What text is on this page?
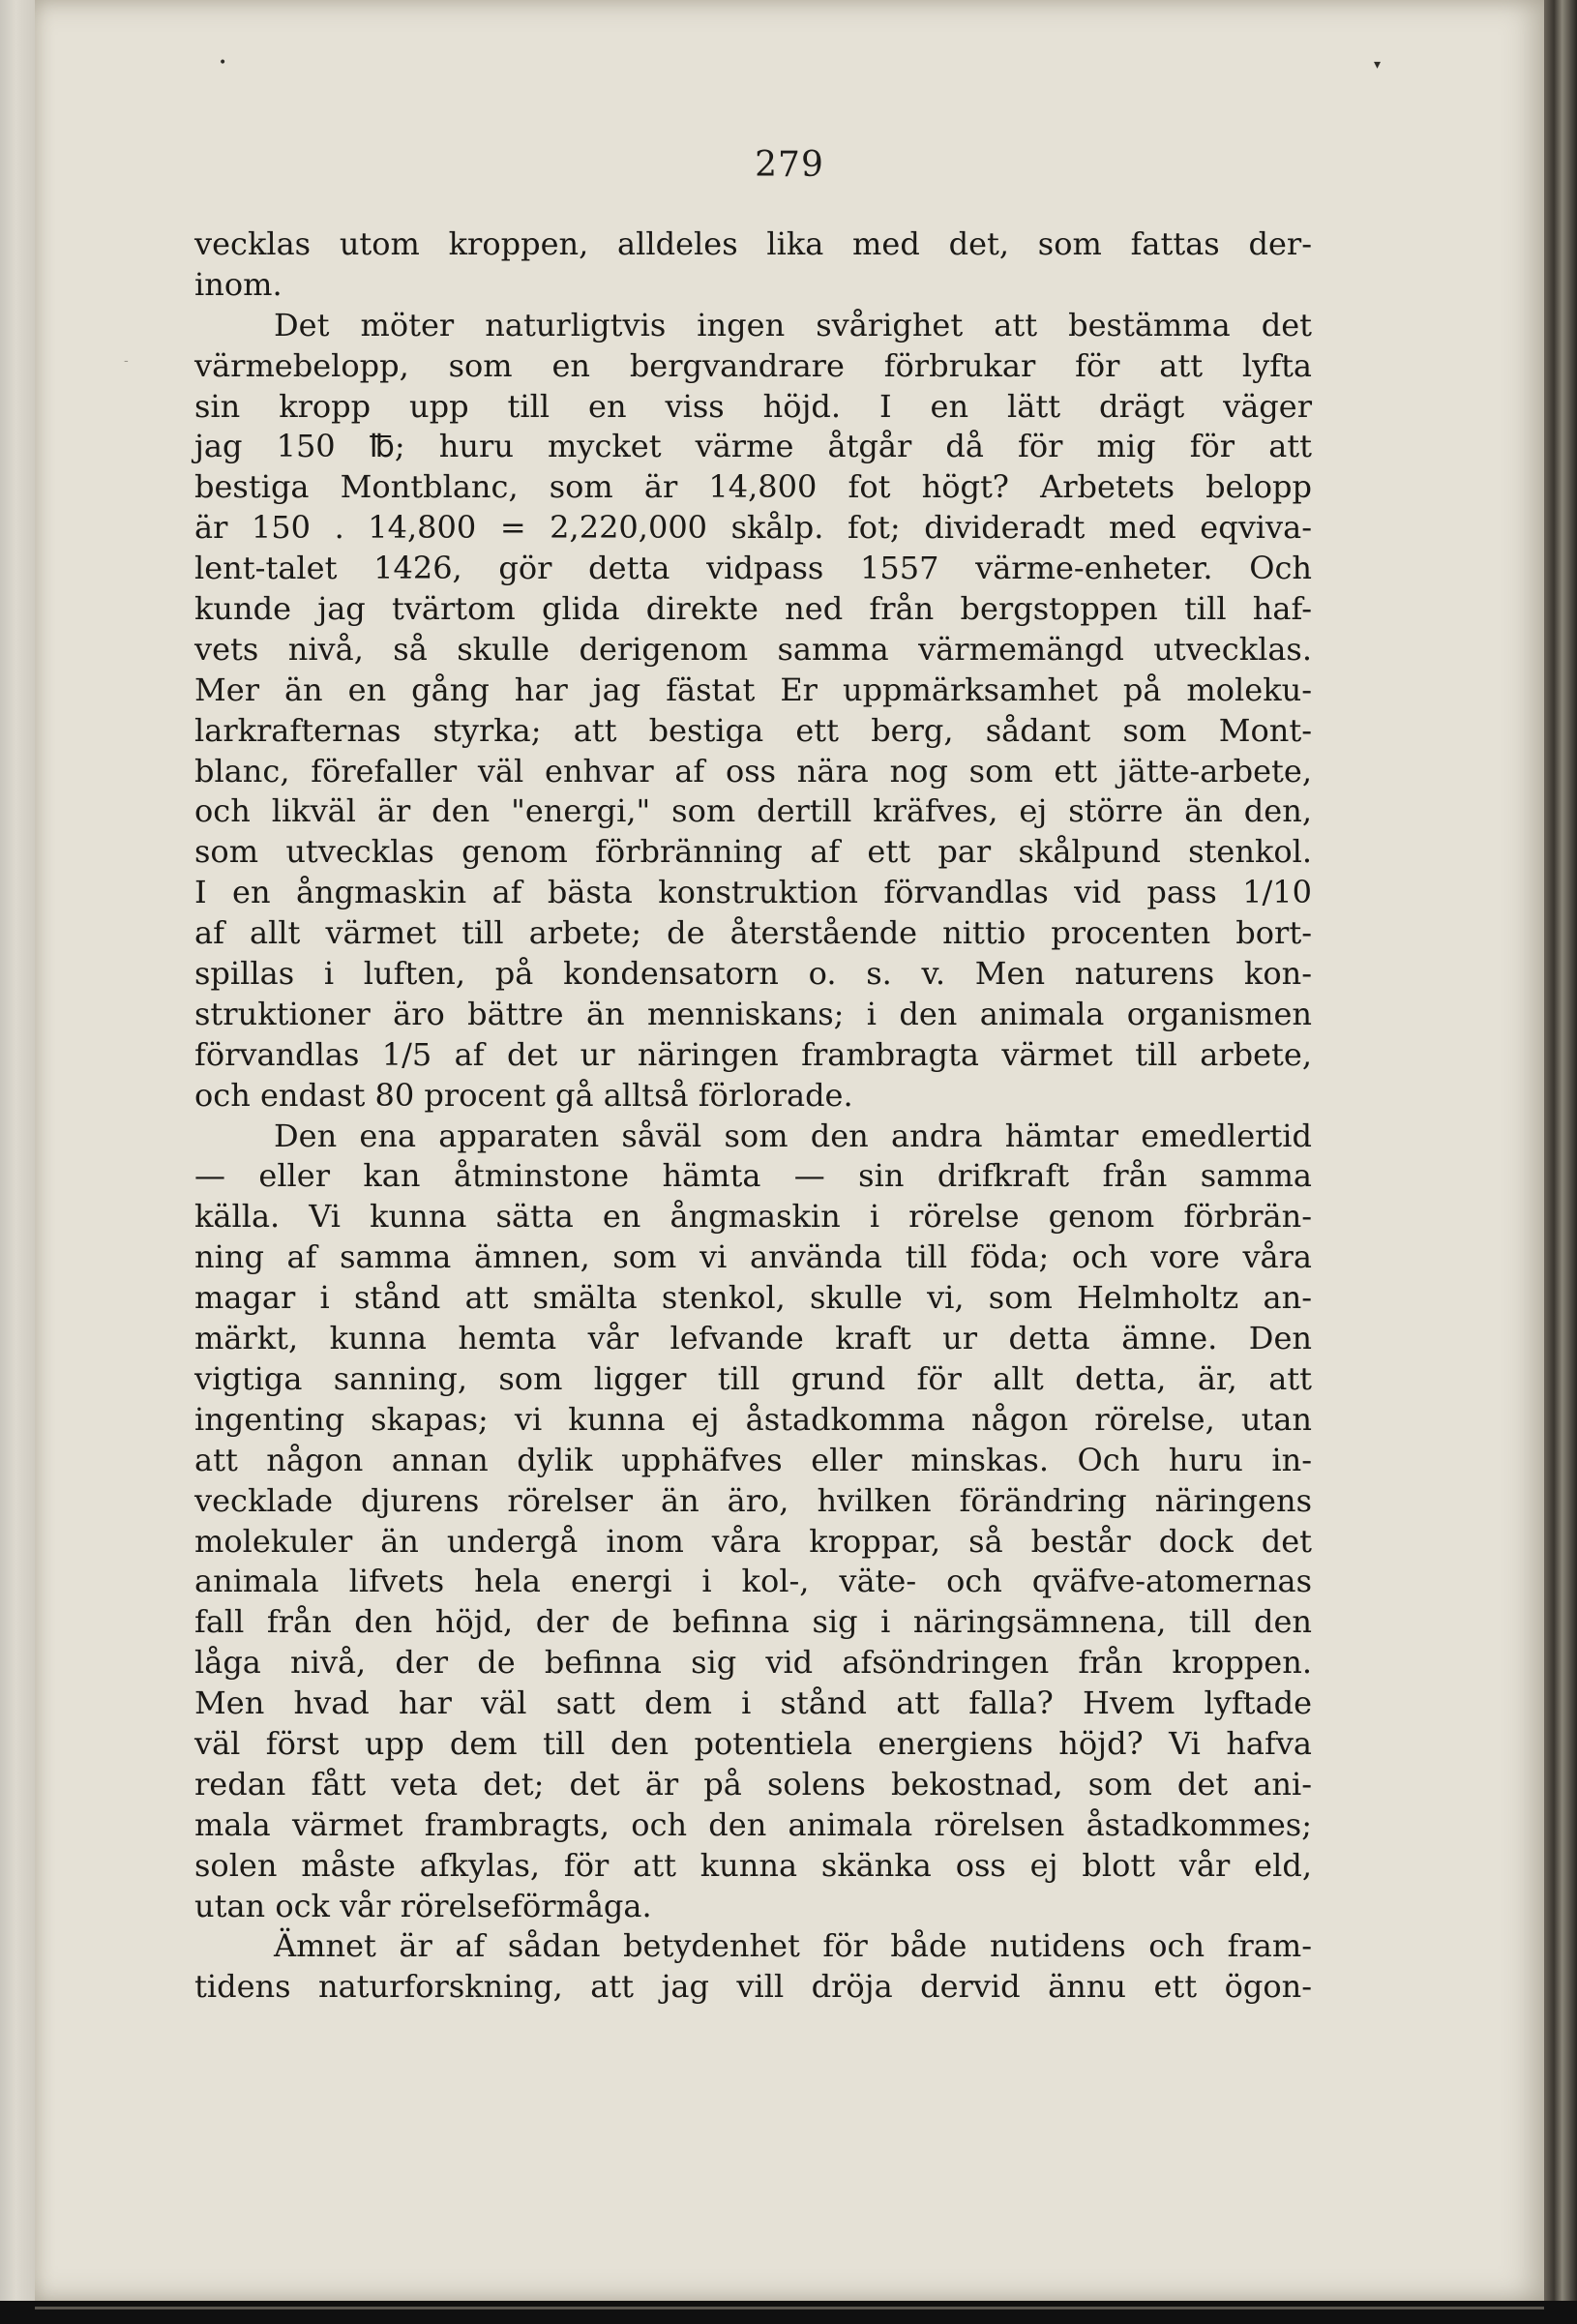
•	▾
-
279
vecklas utom kroppen, alldeles lika med det, som fattas der-
inom.
Det möter naturligtvis ingen svårighet att bestämma det
värmebelopp, som en bergvandrare förbrukar för att lyfta
sin kropp upp till en viss höjd. I en lätt drägt väger
jag 150 ℔; huru mycket värme åtgår då för mig för att
bestiga Montblanc, som är 14,800 fot högt? Arbetets belopp
är 150 . 14,800 = 2,220,000 skålp. fot; divideradt med eqviva-
lent-talet 1426, gör detta vidpass 1557 värme-enheter. Och
kunde jag tvärtom glida direkte ned från bergstoppen till haf-
vets nivå, så skulle derigenom samma värmemängd utvecklas.
Mer än en gång har jag fästat Er uppmärksamhet på moleku-
larkrafternas styrka; att bestiga ett berg, sådant som Mont-
blanc, förefaller väl enhvar af oss nära nog som ett jätte-arbete,
och likväl är den "energi," som dertill kräfves, ej större än den,
som utvecklas genom förbränning af ett par skålpund stenkol.
I en ångmaskin af bästa konstruktion förvandlas vid pass 1/10
af allt värmet till arbete; de återstående nittio procenten bort-
spillas i luften, på kondensatorn o. s. v. Men naturens kon-
struktioner äro bättre än menniskans; i den animala organismen
förvandlas 1/5 af det ur näringen frambragta värmet till arbete,
och endast 80 procent gå alltså förlorade.
Den ena apparaten såväl som den andra hämtar emedlertid
— eller kan åtminstone hämta — sin drifkraft från samma
källa. Vi kunna sätta en ångmaskin i rörelse genom förbrän-
ning af samma ämnen, som vi använda till föda; och vore våra
magar i stånd att smälta stenkol, skulle vi, som Helmholtz an-
märkt, kunna hemta vår lefvande kraft ur detta ämne. Den
vigtiga sanning, som ligger till grund för allt detta, är, att
ingenting skapas; vi kunna ej åstadkomma någon rörelse, utan
att någon annan dylik upphäfves eller minskas. Och huru in-
vecklade djurens rörelser än äro, hvilken förändring näringens
molekuler än undergå inom våra kroppar, så består dock det
animala lifvets hela energi i kol-, väte- och qväfve-atomernas
fall från den höjd, der de befinna sig i näringsämnena, till den
låga nivå, der de befinna sig vid afsöndringen från kroppen.
Men hvad har väl satt dem i stånd att falla? Hvem lyftade
väl först upp dem till den potentiela energiens höjd? Vi hafva
redan fått veta det; det är på solens bekostnad, som det ani-
mala värmet frambragts, och den animala rörelsen åstadkommes;
solen måste afkylas, för att kunna skänka oss ej blott vår eld,
utan ock vår rörelseförmåga.
Ämnet är af sådan betydenhet för både nutidens och fram-
tidens naturforskning, att jag vill dröja dervid ännu ett ögon-
